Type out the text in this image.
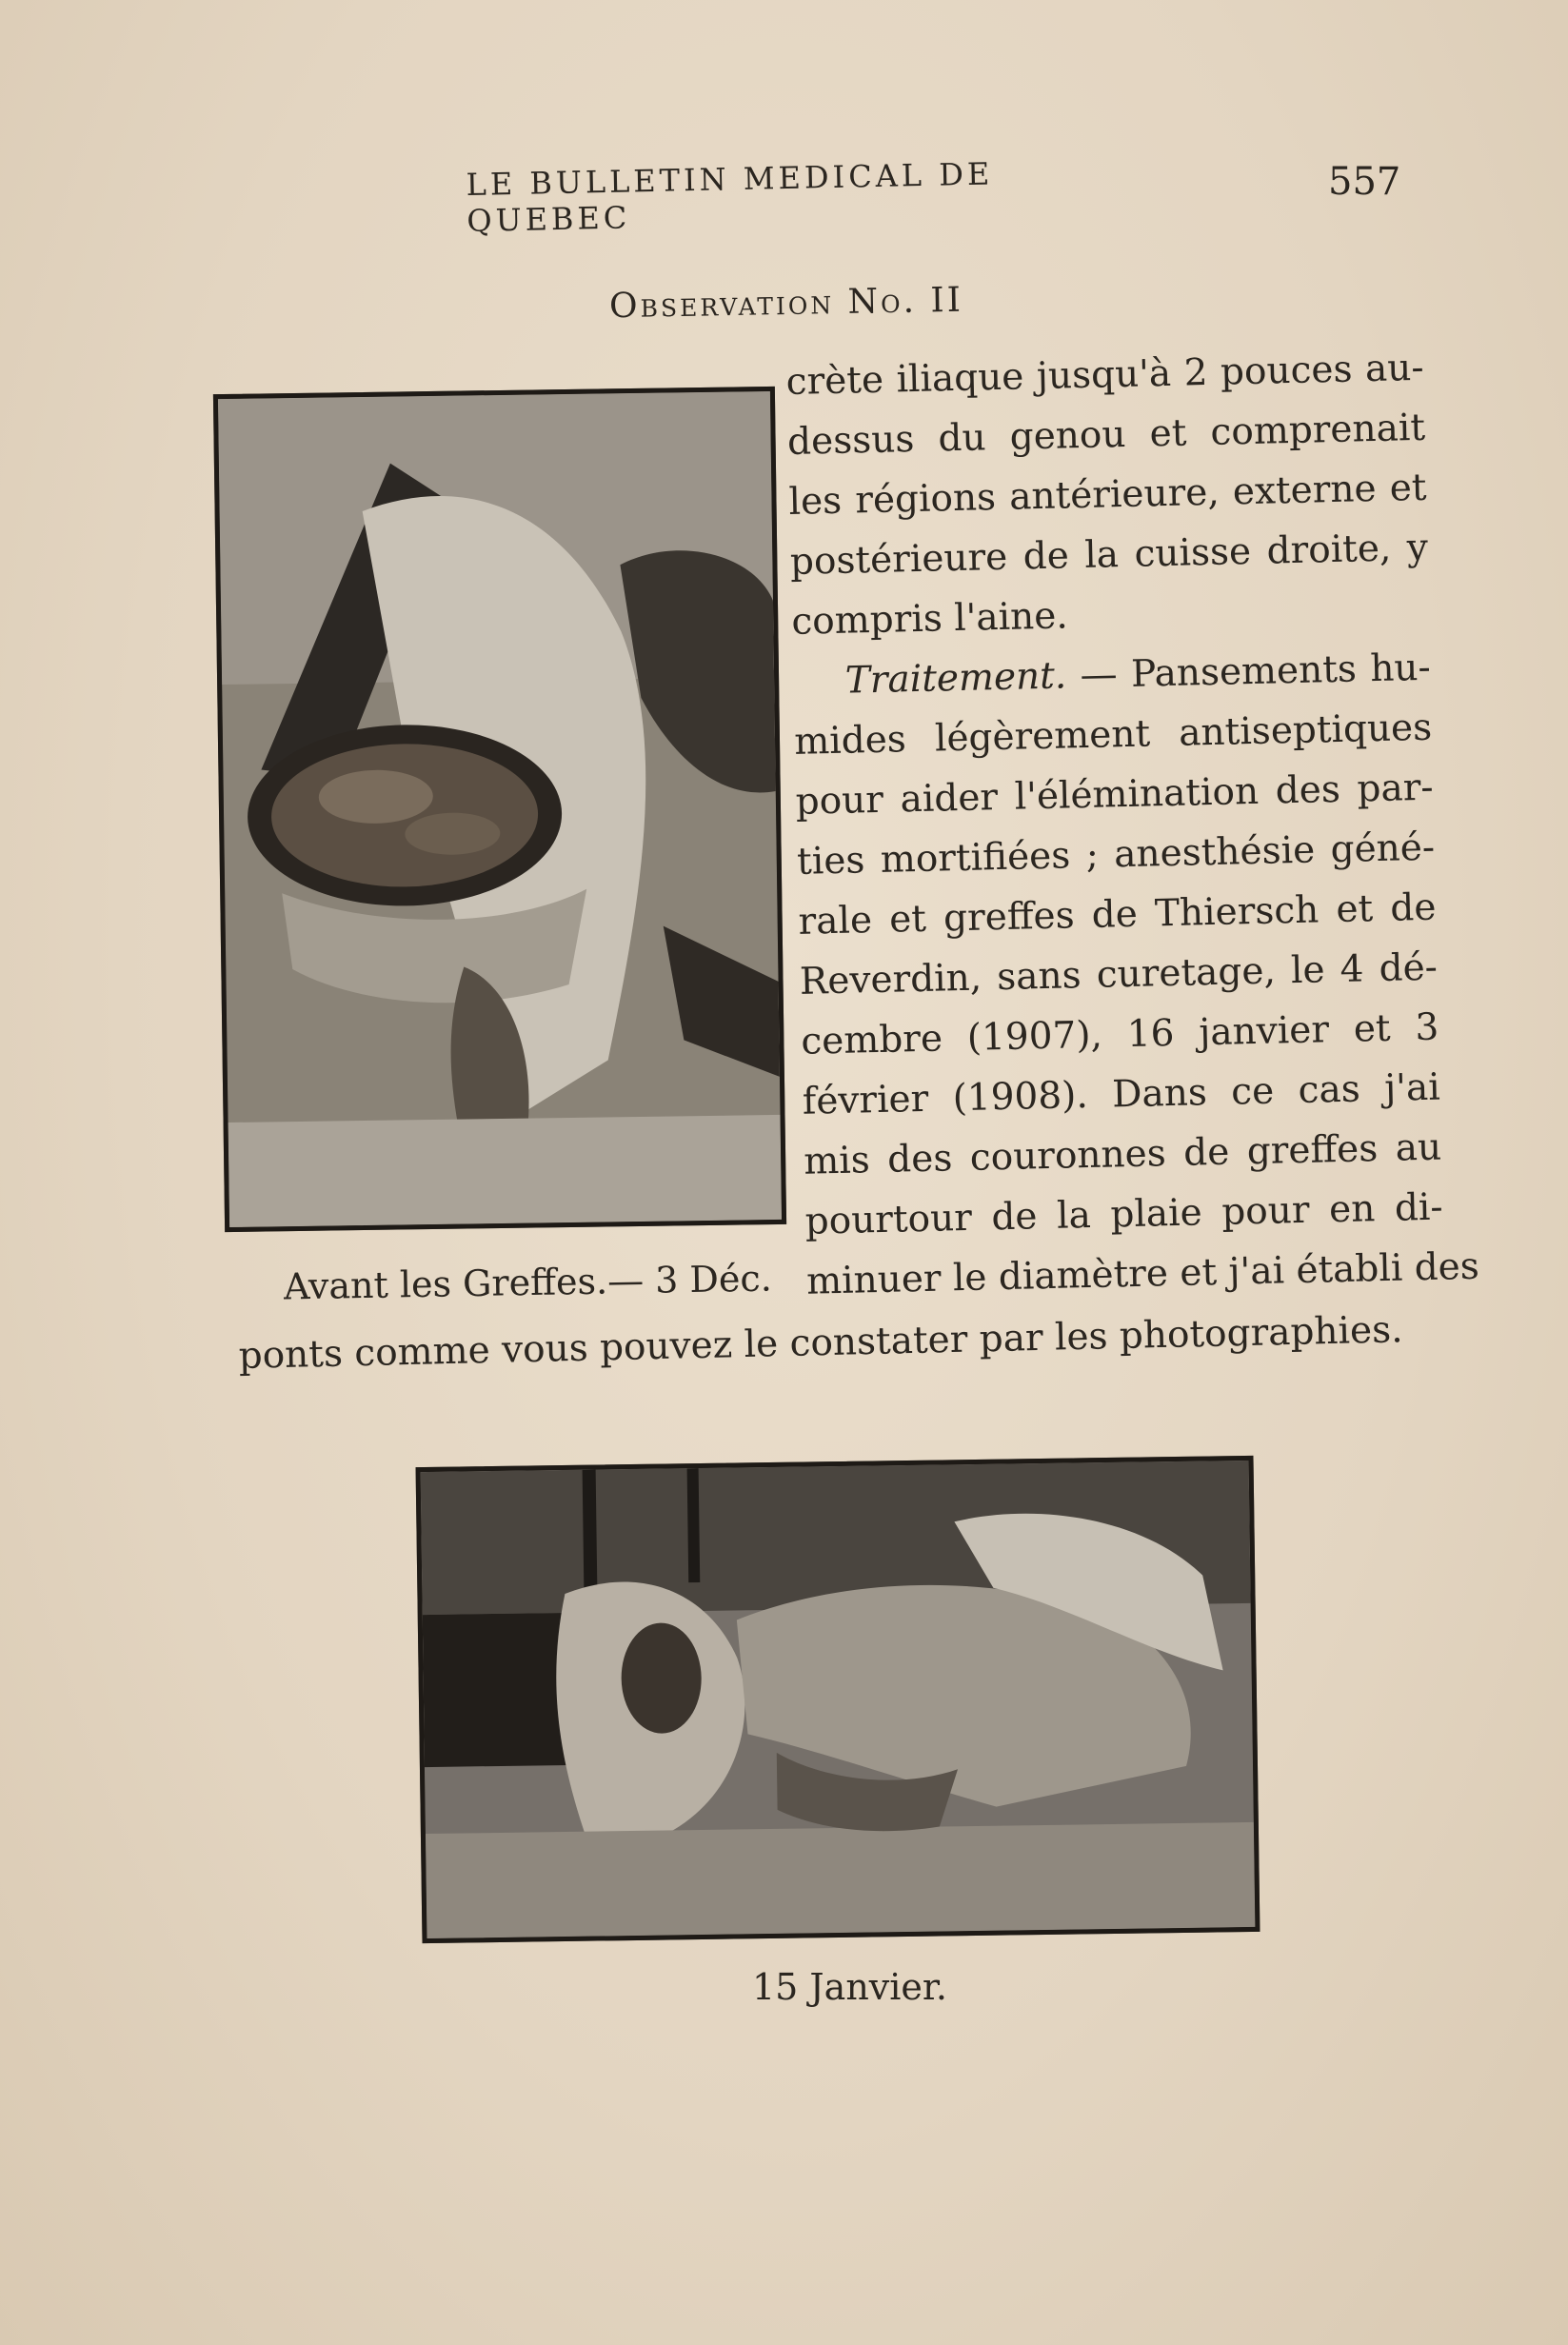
LE BULLETIN MEDICAL DE QUEBEC
557
Observation No. II
Avant les Greffes.— 3 Déc.
crète iliaque jusqu'à 2 pouces au-
dessus du genou et comprenait
les régions antérieure, externe et
postérieure de la cuisse droite, y
compris l'aine.
Traitement. — Pansements hu-
mides légèrement antiseptiques
pour aider l'élémination des par-
ties mortifiées ; anesthésie géné-
rale et greffes de Thiersch et de
Reverdin, sans curetage, le 4 dé-
cembre (1907), 16 janvier et 3
février (1908). Dans ce cas j'ai
mis des couronnes de greffes au
pourtour de la plaie pour en di-
minuer le diamètre et j'ai établi des
ponts comme vous pouvez le constater par les photographies.
15 Janvier.
